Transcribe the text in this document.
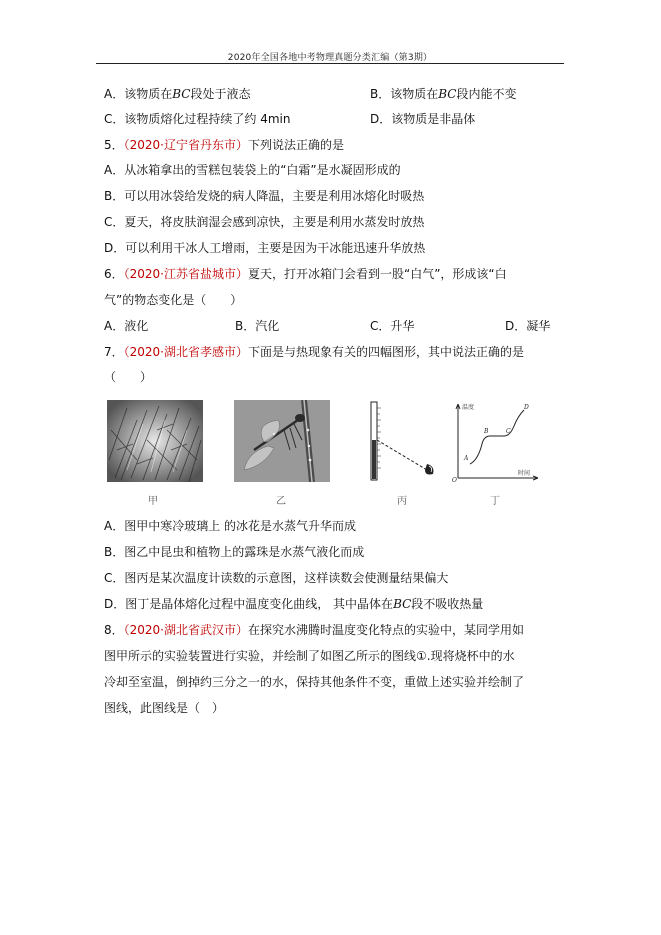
2020年全国各地中考物理真题分类汇编（第3期）
A．该物质在BC段处于液态	B．该物质在BC段内能不变
C．该物质熔化过程持续了约 4min	D．该物质是非晶体
5．（2020·辽宁省丹东市）下列说法正确的是
A．从冰箱拿出的雪糕包装袋上的“白霜”是水凝固形成的
B．可以用冰袋给发烧的病人降温，主要是利用冰熔化时吸热
C．夏天，将皮肤润湿会感到凉快，主要是利用水蒸发时放热
D．可以利用干冰人工增雨，主要是因为干冰能迅速升华放热
6．（2020·江苏省盐城市）夏天，打开冰箱门会看到一股“白气”，形成该“白
气”的物态变化是（　　）
A．液化	B．汽化	C．升华	D．凝华
7．（2020·湖北省孝感市）下面是与热现象有关的四幅图形，其中说法正确的是
（　　）
温度
时间
A
B	C
D
O
甲	乙	丙	丁
A．图甲中寒冷玻璃上 的冰花是水蒸气升华而成
B．图乙中昆虫和植物上的露珠是水蒸气液化而成
C．图丙是某次温度计读数的示意图，这样读数会使测量结果偏大
D．图丁是晶体熔化过程中温度变化曲线， 其中晶体在BC段不吸收热量
8．（2020·湖北省武汉市）在探究水沸腾时温度变化特点的实验中，某同学用如
图甲所示的实验装置进行实验，并绘制了如图乙所示的图线①.现将烧杯中的水
冷却至室温，倒掉约三分之一的水，保持其他条件不变，重做上述实验并绘制了
图线，此图线是（　）
